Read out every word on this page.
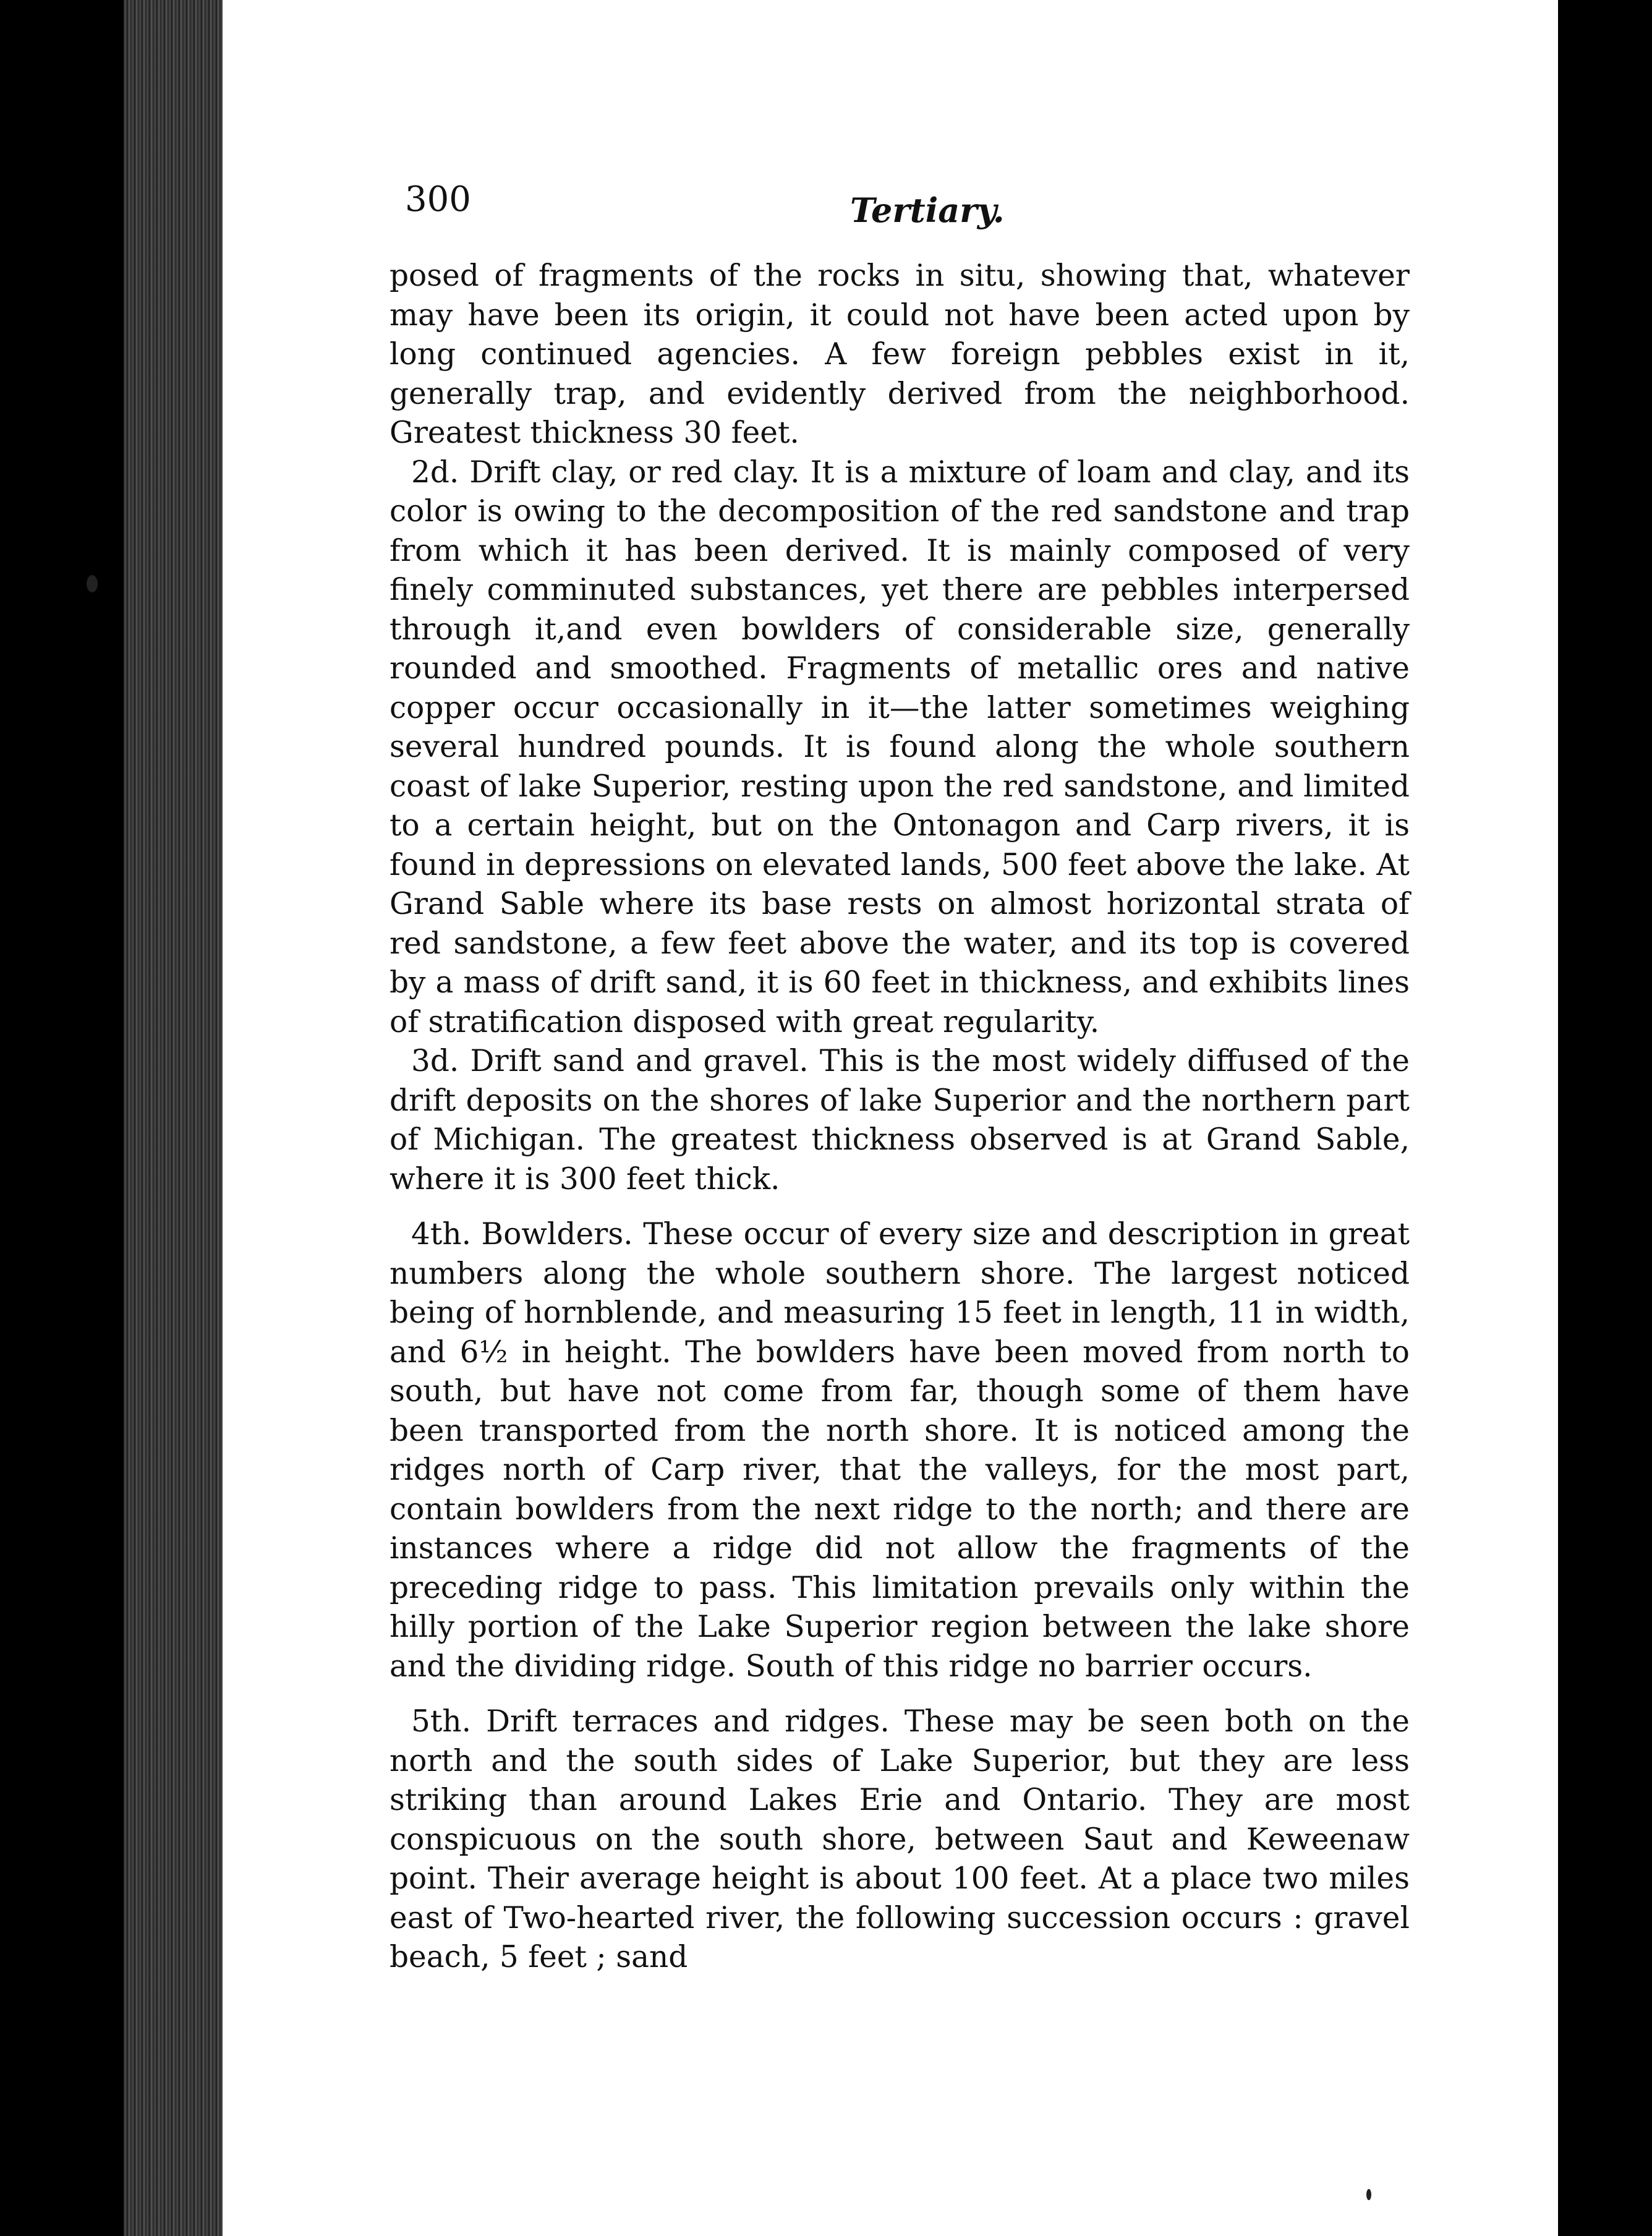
300	Tertiary.

posed of fragments of the rocks in situ, showing that, whatever may have been its origin, it could not have been acted upon by long continued agencies. A few foreign pebbles exist in it, generally trap, and evidently derived from the neighborhood. Greatest thickness 30 feet.

2d. Drift clay, or red clay. It is a mixture of loam and clay, and its color is owing to the decomposition of the red sandstone and trap from which it has been derived. It is mainly composed of very finely comminuted substances, yet there are pebbles interpersed through it,and even bowlders of considerable size, generally rounded and smoothed. Fragments of metallic ores and native copper occur occasionally in it—the latter sometimes weighing several hundred pounds. It is found along the whole southern coast of lake Superior, resting upon the red sandstone, and limited to a certain height, but on the Ontonagon and Carp rivers, it is found in depressions on elevated lands, 500 feet above the lake. At Grand Sable where its base rests on almost horizontal strata of red sandstone, a few feet above the water, and its top is covered by a mass of drift sand, it is 60 feet in thickness, and exhibits lines of stratification disposed with great regularity.

3d. Drift sand and gravel. This is the most widely diffused of the drift deposits on the shores of lake Superior and the northern part of Michigan. The greatest thickness observed is at Grand Sable, where it is 300 feet thick.

4th. Bowlders. These occur of every size and description in great numbers along the whole southern shore. The largest noticed being of hornblende, and measuring 15 feet in length, 11 in width, and 6½ in height. The bowlders have been moved from north to south, but have not come from far, though some of them have been transported from the north shore. It is noticed among the ridges north of Carp river, that the valleys, for the most part, contain bowlders from the next ridge to the north; and there are instances where a ridge did not allow the fragments of the preceding ridge to pass. This limitation prevails only within the hilly portion of the Lake Superior region between the lake shore and the dividing ridge. South of this ridge no barrier occurs.

5th. Drift terraces and ridges. These may be seen both on the north and the south sides of Lake Superior, but they are less striking than around Lakes Erie and Ontario. They are most conspicuous on the south shore, between Saut and Keweenaw point. Their average height is about 100 feet. At a place two miles east of Two-hearted river, the following succession occurs : gravel beach, 5 feet ; sand
